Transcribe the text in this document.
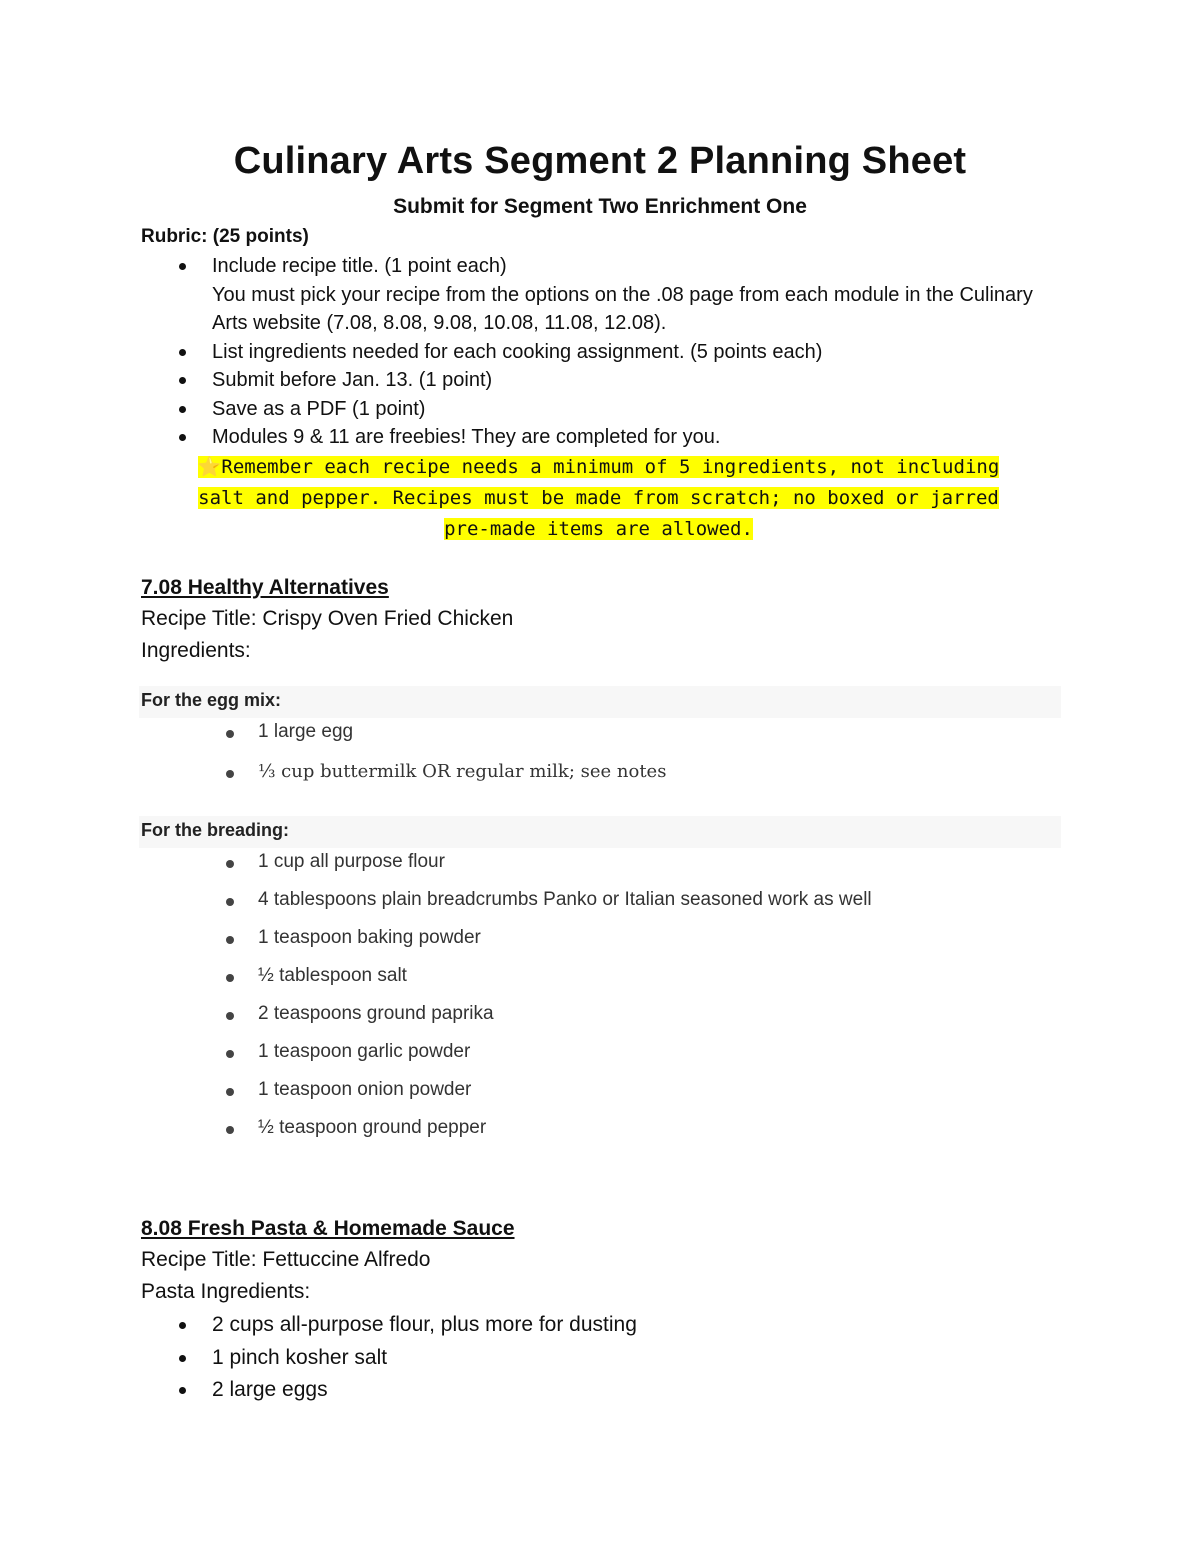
Culinary Arts Segment 2 Planning Sheet
Submit for Segment Two Enrichment One
Rubric: (25 points)
Include recipe title. (1 point each)
You must pick your recipe from the options on the .08 page from each module in the Culinary Arts website (7.08, 8.08, 9.08, 10.08, 11.08, 12.08).
List ingredients needed for each cooking assignment. (5 points each)
Submit before Jan. 13. (1 point)
Save as a PDF (1 point)
Modules 9 & 11 are freebies! They are completed for you.
⭐Remember each recipe needs a minimum of 5 ingredients, not including
salt and pepper. Recipes must be made from scratch; no boxed or jarred
pre-made items are allowed.
7.08 Healthy Alternatives
Recipe Title: Crispy Oven Fried Chicken
Ingredients:
For the egg mix:
1 large egg
⅓ cup buttermilk OR regular milk; see notes
For the breading:
1 cup all purpose flour
4 tablespoons plain breadcrumbs Panko or Italian seasoned work as well
1 teaspoon baking powder
½ tablespoon salt
2 teaspoons ground paprika
1 teaspoon garlic powder
1 teaspoon onion powder
½ teaspoon ground pepper
8.08 Fresh Pasta & Homemade Sauce
Recipe Title: Fettuccine Alfredo
Pasta Ingredients:
2 cups all-purpose flour, plus more for dusting
1 pinch kosher salt
2 large eggs
